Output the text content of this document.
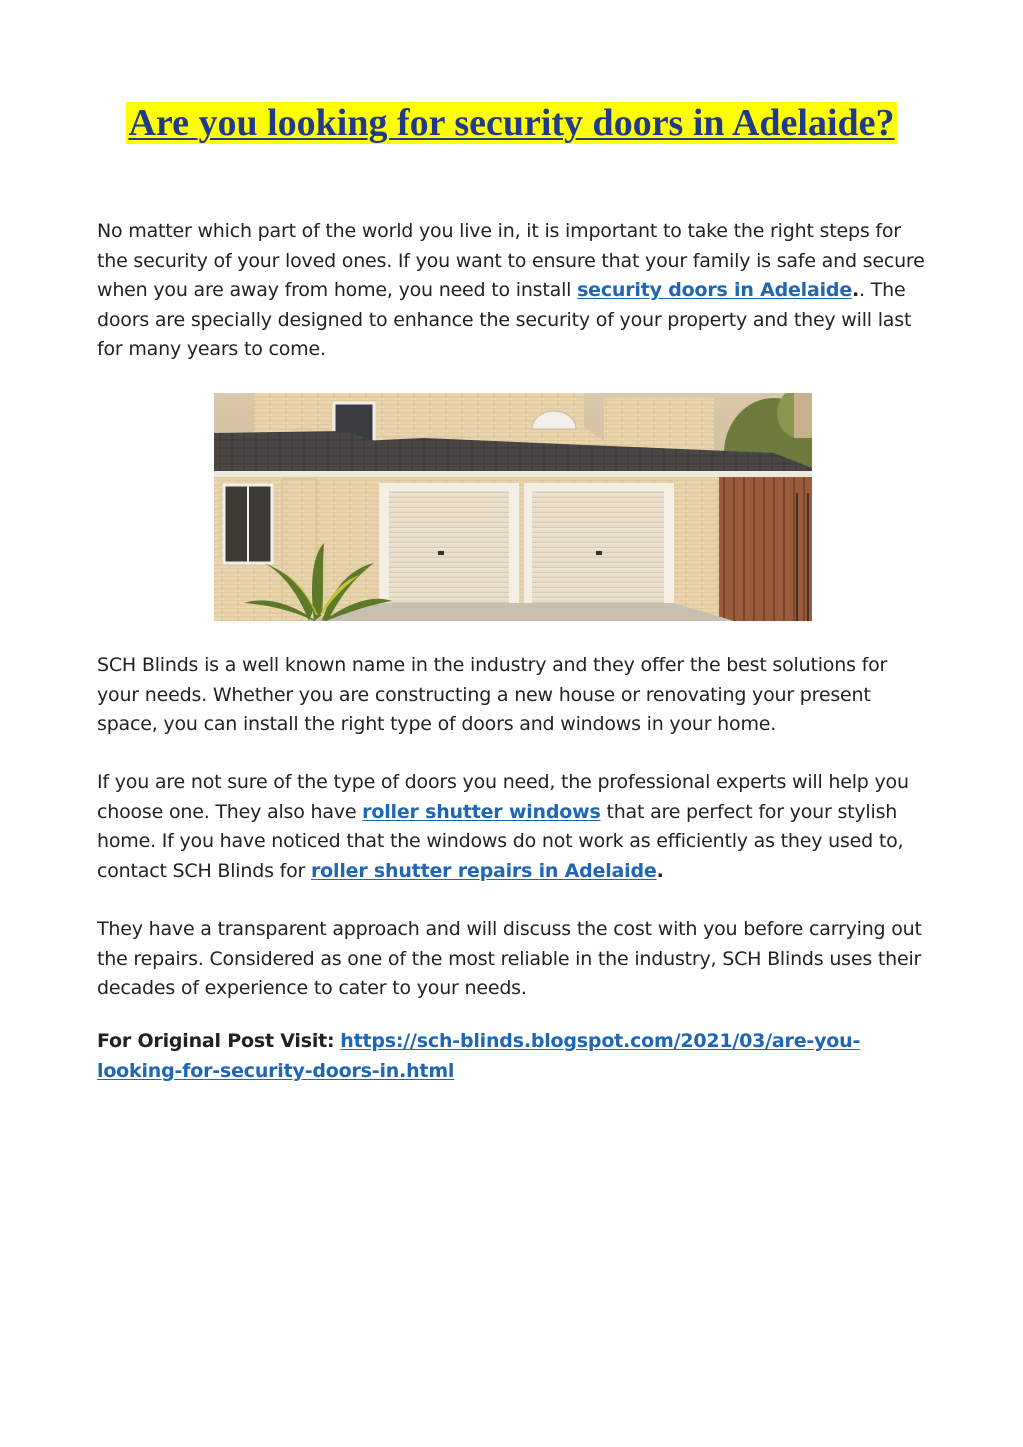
Are you looking for security doors in Adelaide?

No matter which part of the world you live in, it is important to take the right steps for the security of your loved ones. If you want to ensure that your family is safe and secure when you are away from home, you need to install security doors in Adelaide.. The doors are specially designed to enhance the security of your property and they will last for many years to come.

SCH Blinds is a well known name in the industry and they offer the best solutions for your needs. Whether you are constructing a new house or renovating your present space, you can install the right type of doors and windows in your home.

If you are not sure of the type of doors you need, the professional experts will help you choose one. They also have roller shutter windows that are perfect for your stylish home. If you have noticed that the windows do not work as efficiently as they used to, contact SCH Blinds for roller shutter repairs in Adelaide.

They have a transparent approach and will discuss the cost with you before carrying out the repairs. Considered as one of the most reliable in the industry, SCH Blinds uses their decades of experience to cater to your needs.

For Original Post Visit: https://sch-blinds.blogspot.com/2021/03/are-you-looking-for-security-doors-in.html
